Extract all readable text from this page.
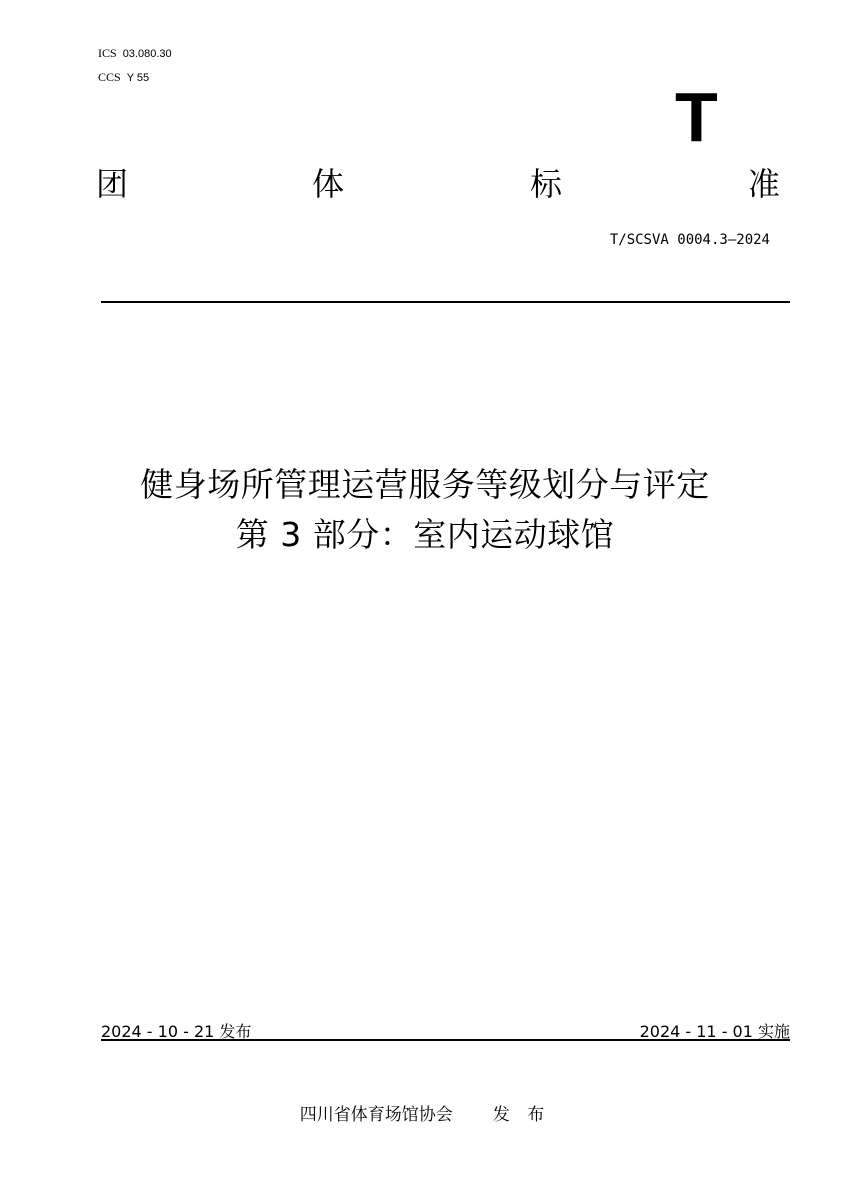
ICS 03.080.30
CCS Y 55	T
团	体	标	准
T/SCSVA 0004.3—2024
健身场所管理运营服务等级划分与评定
第 3 部分：室内运动球馆
2024 - 10 - 21 发布	2024 - 11 - 01 实施
四川省体育场馆协会 发 布
